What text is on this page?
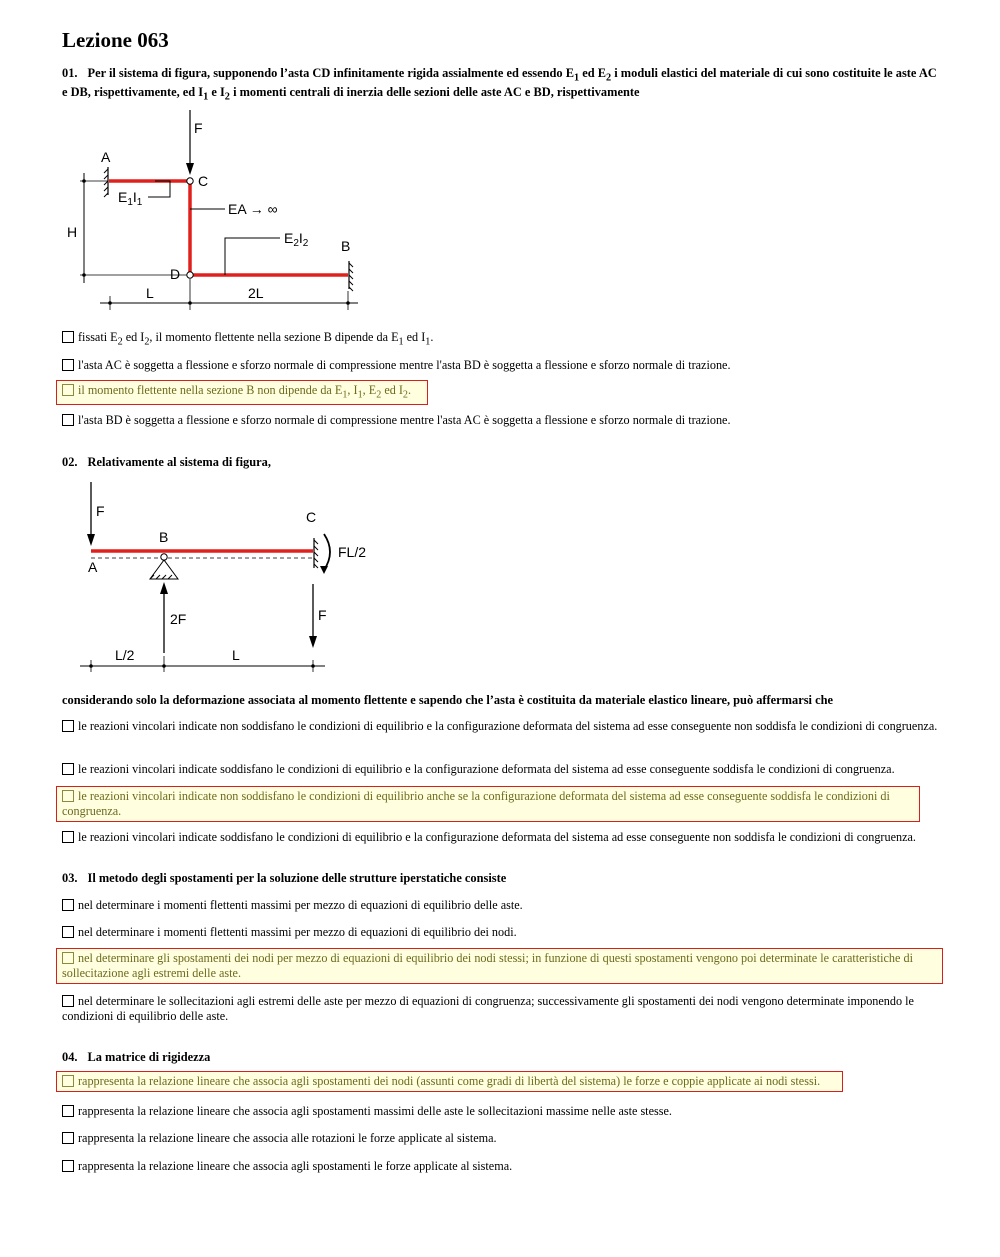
Lezione 063
01. Per il sistema di figura, supponendo l’asta CD infinitamente rigida assialmente ed essendo $E_1$ ed $E_2$ i moduli elastici del materiale di cui sono costituite le aste AC e DB, rispettivamente, ed $I_1$ e $I_2$ i momenti centrali di inerzia delle sezioni delle aste AC e BD, rispettivamente
F
A
C
D
B
$E_1I_1$	EA → ∞
$E_2I_2$
H
L	2L
fissati $E_2$ ed $I_2$, il momento flettente nella sezione B dipende da $E_1$ ed $I_1$.
l'asta AC è soggetta a flessione e sforzo normale di compressione mentre l'asta BD è soggetta a flessione e sforzo normale di trazione.
il momento flettente nella sezione B non dipende da $E_1$, $I_1$, $E_2$ ed $I_2$.
l'asta BD è soggetta a flessione e sforzo normale di compressione mentre l'asta AC è soggetta a flessione e sforzo normale di trazione.
02. Relativamente al sistema di figura,
F
A
B
C
FL/2
2F	F
L/2	L
considerando solo la deformazione associata al momento flettente e sapendo che l’asta è costituita da materiale elastico lineare, può affermarsi che
le reazioni vincolari indicate non soddisfano le condizioni di equilibrio e la configurazione deformata del sistema ad esse conseguente non soddisfa le condizioni di congruenza.
le reazioni vincolari indicate soddisfano le condizioni di equilibrio e la configurazione deformata del sistema ad esse conseguente soddisfa le condizioni di congruenza.
le reazioni vincolari indicate non soddisfano le condizioni di equilibrio anche se la configurazione deformata del sistema ad esse conseguente soddisfa le condizioni di congruenza.
le reazioni vincolari indicate soddisfano le condizioni di equilibrio e la configurazione deformata del sistema ad esse conseguente non soddisfa le condizioni di congruenza.
03. Il metodo degli spostamenti per la soluzione delle strutture iperstatiche consiste
nel determinare i momenti flettenti massimi per mezzo di equazioni di equilibrio delle aste.
nel determinare i momenti flettenti massimi per mezzo di equazioni di equilibrio dei nodi.
nel determinare gli spostamenti dei nodi per mezzo di equazioni di equilibrio dei nodi stessi; in funzione di questi spostamenti vengono poi determinate le caratteristiche di sollecitazione agli estremi delle aste.
nel determinare le sollecitazioni agli estremi delle aste per mezzo di equazioni di congruenza; successivamente gli spostamenti dei nodi vengono determinate imponendo le condizioni di equilibrio delle aste.
04. La matrice di rigidezza
rappresenta la relazione lineare che associa agli spostamenti dei nodi (assunti come gradi di libertà del sistema) le forze e coppie applicate ai nodi stessi.
rappresenta la relazione lineare che associa agli spostamenti massimi delle aste le sollecitazioni massime nelle aste stesse.
rappresenta la relazione lineare che associa alle rotazioni le forze applicate al sistema.
rappresenta la relazione lineare che associa agli spostamenti le forze applicate al sistema.
